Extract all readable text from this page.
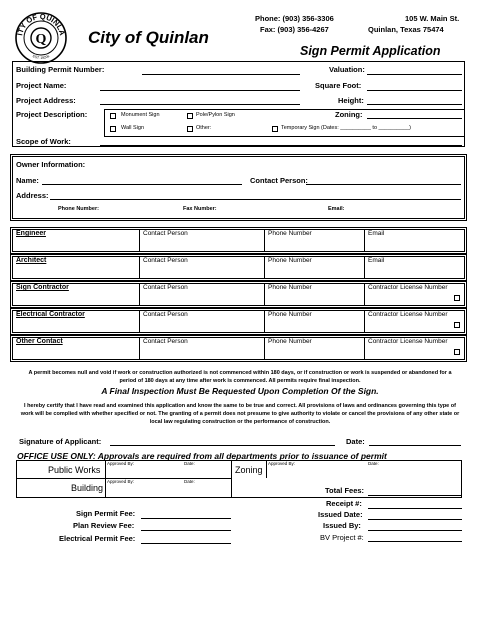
ITY OF QUINLA
EST. 1920s
Q City of Quinlan
Phone: (903) 356-3306
Fax: (903) 356-4267
105 W. Main St.
Quinlan, Texas 75474
Sign Permit Application
Building Permit Number:
Project Name:
Project Address:
Project Description:
Scope of Work:
Valuation:
Square Foot:
Height:
Zoning:
Monument Sign	Pole/Pylon Sign
Wall Sign	Other:	Temporary Sign (Dates: __________ to __________)
Owner Information:
Name:	Contact Person:
Address:
Phone Number:	Fax Number:	Email:
Engineer	Contact Person	Phone Number	Email
Architect	Contact Person	Phone Number	Email
Sign Contractor	Contact Person	Phone Number	Contractor License Number
Electrical Contractor	Contact Person	Phone Number	Contractor License Number
Other Contact	Contact Person	Phone Number	Contractor License Number
A permit becomes null and void if work or construction authorized is not commenced within 180 days, or if construction or work is suspended or abandoned for a period of 180 days at any time after work is commenced. All permits require final inspection.
A Final Inspection Must Be Requested Upon Completion Of the Sign.
I hereby certify that I have read and examined this application and know the same to be true and correct. All provisions of laws and ordinances governing this type of work will be complied with whether specified or not. The granting of a permit does not presume to give authority to violate or cancel the provisions of any other state or local law regulating construction or the performance of construction.
Signature of Applicant:	Date:
OFFICE USE ONLY: Approvals are required from all departments prior to issuance of permit
Public Works
Approved By:	Date:
Building
Approved By:	Date:
Zoning
Approved By:	Date:
Total Fees:
Receipt #:
Issued Date:
Issued By:
BV Project #:
Sign Permit Fee:
Plan Review Fee:
Electrical Permit Fee:
